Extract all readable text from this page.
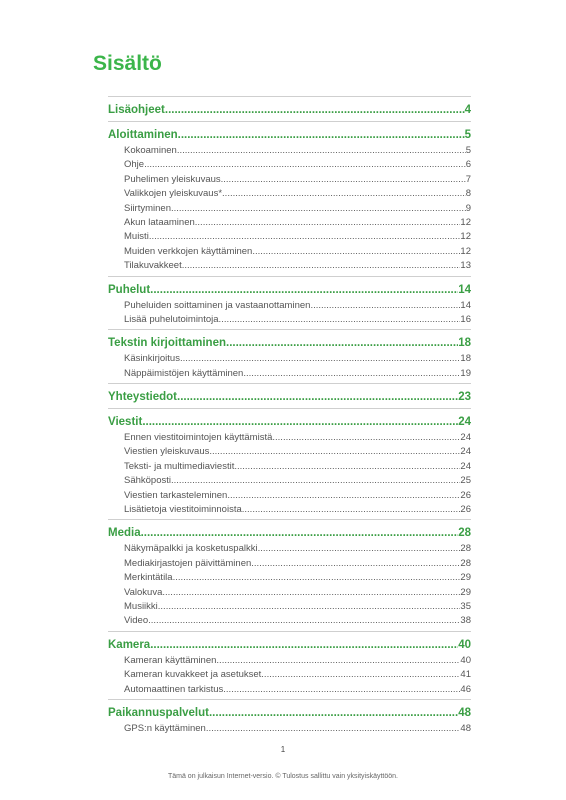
Sisältö
Lisäohjeet .....	4
Aloittaminen .....	5
Kokoaminen .....	5
Ohje .....	6
Puhelimen yleiskuvaus .....	7
Valikkojen yleiskuvaus* .....	8
Siirtyminen .....	9
Akun lataaminen .....	12
Muisti .....	12
Muiden verkkojen käyttäminen .....	12
Tilakuvakkeet .....	13
Puhelut .....	14
Puheluiden soittaminen ja vastaanottaminen .....	14
Lisää puhelutoimintoja .....	16
Tekstin kirjoittaminen .....	18
Käsinkirjoitus .....	18
Näppäimistöjen käyttäminen .....	19
Yhteystiedot .....	23
Viestit .....	24
Ennen viestitoimintojen käyttämistä .....	24
Viestien yleiskuvaus .....	24
Teksti- ja multimediaviestit .....	24
Sähköposti .....	25
Viestien tarkasteleminen .....	26
Lisätietoja viestitoiminnoista .....	26
Media .....	28
Näkymäpalkki ja kosketuspalkki .....	28
Mediakirjastojen päivittäminen .....	28
Merkintätila .....	29
Valokuva .....	29
Musiikki .....	35
Video .....	38
Kamera .....	40
Kameran käyttäminen .....	40
Kameran kuvakkeet ja asetukset .....	41
Automaattinen tarkistus .....	46
Paikannuspalvelut .....	48
GPS:n käyttäminen .....	48
1
Tämä on julkaisun Internet-versio. © Tulostus sallittu vain yksityiskäyttöön.
